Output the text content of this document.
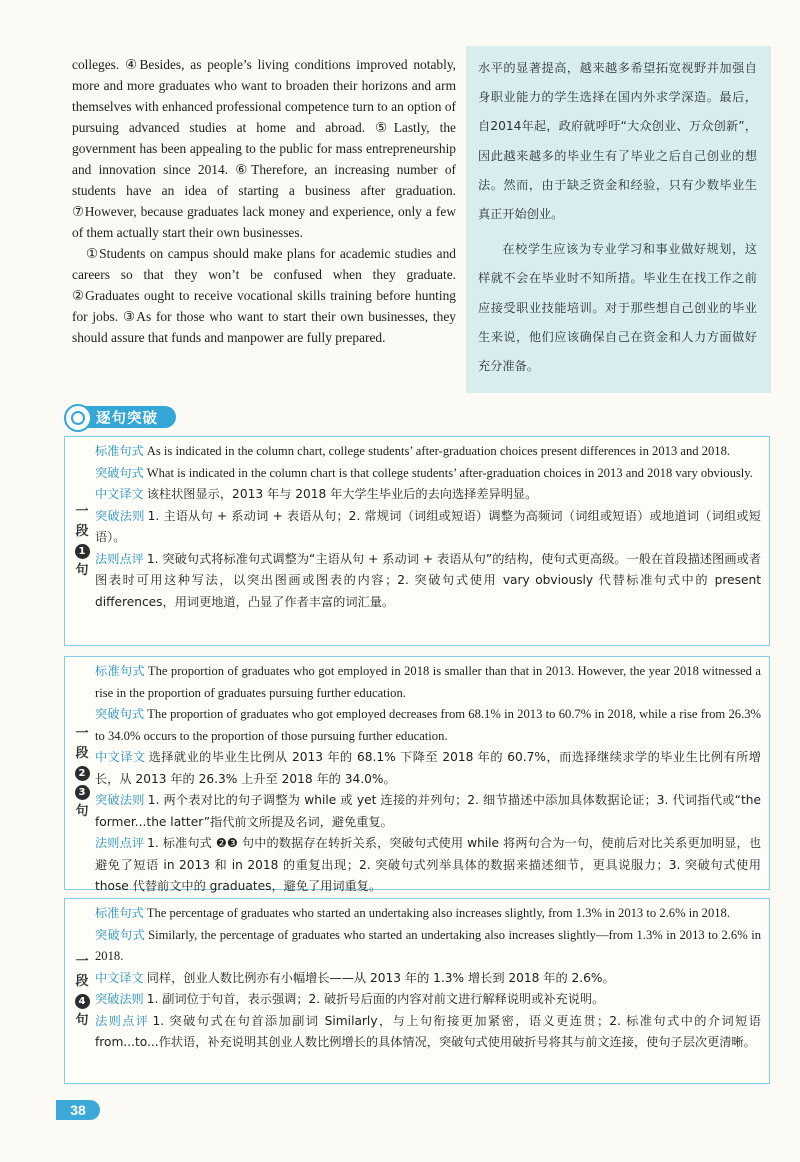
colleges. ④Besides, as people’s living conditions improved notably, more and more graduates who want to broaden their horizons and arm themselves with enhanced professional competence turn to an option of pursuing advanced studies at home and abroad. ⑤Lastly, the government has been appealing to the public for mass entrepreneurship and innovation since 2014. ⑥Therefore, an increasing number of students have an idea of starting a business after graduation. ⑦However, because graduates lack money and experience, only a few of them actually start their own businesses.

①Students on campus should make plans for academic studies and careers so that they won’t be confused when they graduate. ②Graduates ought to receive vocational skills training before hunting for jobs. ③As for those who want to start their own businesses, they should assure that funds and manpower are fully prepared.

水平的显著提高，越来越多希望拓宽视野并加强自身职业能力的学生选择在国内外求学深造。最后，自2014年起，政府就呼吁“大众创业、万众创新”，因此越来越多的毕业生有了毕业之后自己创业的想法。然而，由于缺乏资金和经验，只有少数毕业生真正开始创业。

在校学生应该为专业学习和事业做好规划，这样就不会在毕业时不知所措。毕业生在找工作之前应接受职业技能培训。对于那些想自己创业的毕业生来说，他们应该确保自己在资金和人力方面做好充分准备。

逐句突破
一
段
1
句

标准句式 As is indicated in the column chart, college students’ after-graduation choices present differences in 2013 and 2018.

突破句式 What is indicated in the column chart is that college students’ after-graduation choices in 2013 and 2018 vary obviously.

中文译文 该柱状图显示，2013 年与 2018 年大学生毕业后的去向选择差异明显。

突破法则 1. 主语从句 + 系动词 + 表语从句；2. 常规词（词组或短语）调整为高频词（词组或短语）或地道词（词组或短语）。

法则点评 1. 突破句式将标准句式调整为“主语从句 + 系动词 + 表语从句”的结构，使句式更高级。一般在首段描述图画或者图表时可用这种写法，以突出图画或图表的内容；2. 突破句式使用 vary obviously 代替标准句式中的 present differences，用词更地道，凸显了作者丰富的词汇量。

一
段
2
3
句

标准句式 The proportion of graduates who got employed in 2018 is smaller than that in 2013. However, the year 2018 witnessed a rise in the proportion of graduates pursuing further education.

突破句式 The proportion of graduates who got employed decreases from 68.1% in 2013 to 60.7% in 2018, while a rise from 26.3% to 34.0% occurs to the proportion of those pursuing further education.

中文译文 选择就业的毕业生比例从 2013 年的 68.1% 下降至 2018 年的 60.7%，而选择继续求学的毕业生比例有所增长，从 2013 年的 26.3% 上升至 2018 年的 34.0%。

突破法则 1. 两个表对比的句子调整为 while 或 yet 连接的并列句；2. 细节描述中添加具体数据论证；3. 代词指代或“the former...the latter”指代前文所提及名词，避免重复。

法则点评 1. 标准句式 ❷❸ 句中的数据存在转折关系，突破句式使用 while 将两句合为一句，使前后对比关系更加明显，也避免了短语 in 2013 和 in 2018 的重复出现；2. 突破句式列举具体的数据来描述细节，更具说服力；3. 突破句式使用 those 代替前文中的 graduates，避免了用词重复。

一
段
4
句

标准句式 The percentage of graduates who started an undertaking also increases slightly, from 1.3% in 2013 to 2.6% in 2018.

突破句式 Similarly, the percentage of graduates who started an undertaking also increases slightly—from 1.3% in 2013 to 2.6% in 2018.

中文译文 同样，创业人数比例亦有小幅增长——从 2013 年的 1.3% 增长到 2018 年的 2.6%。

突破法则 1. 副词位于句首，表示强调；2. 破折号后面的内容对前文进行解释说明或补充说明。

法则点评 1. 突破句式在句首添加副词 Similarly，与上句衔接更加紧密，语义更连贯；2. 标准句式中的介词短语 from...to...作状语，补充说明其创业人数比例增长的具体情况，突破句式使用破折号将其与前文连接，使句子层次更清晰。

38
